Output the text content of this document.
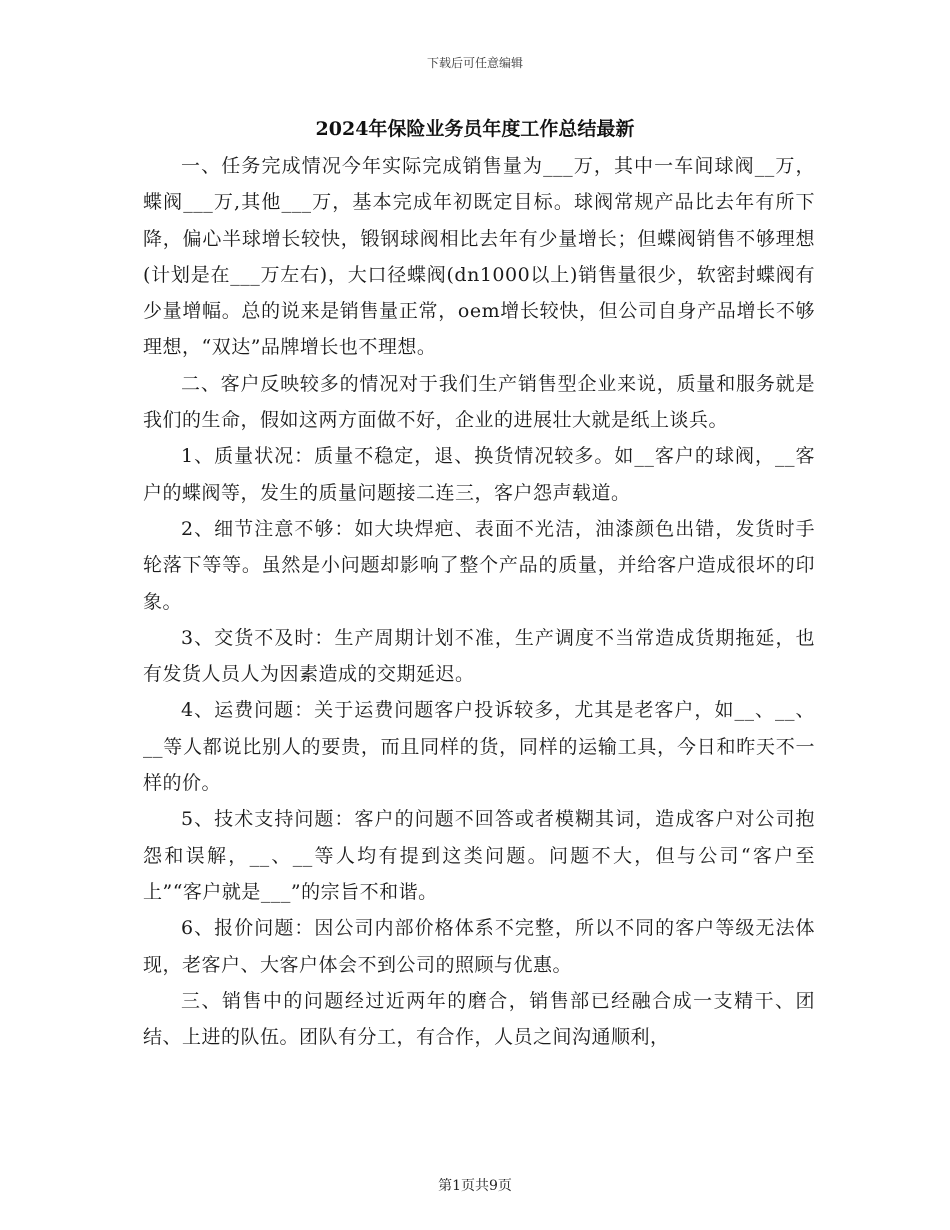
下载后可任意编辑
2024年保险业务员年度工作总结最新

一、任务完成情况今年实际完成销售量为___万，其中一车间球阀__万，蝶阀___万,其他___万，基本完成年初既定目标。球阀常规产品比去年有所下降，偏心半球增长较快，锻钢球阀相比去年有少量增长；但蝶阀销售不够理想(计划是在___万左右)，大口径蝶阀(dn1000以上)销售量很少，软密封蝶阀有少量增幅。总的说来是销售量正常，oem增长较快，但公司自身产品增长不够理想，“双达”品牌增长也不理想。

二、客户反映较多的情况对于我们生产销售型企业来说，质量和服务就是我们的生命，假如这两方面做不好，企业的进展壮大就是纸上谈兵。

1、质量状况：质量不稳定，退、换货情况较多。如__客户的球阀，__客户的蝶阀等，发生的质量问题接二连三，客户怨声载道。

2、细节注意不够：如大块焊疤、表面不光洁，油漆颜色出错，发货时手轮落下等等。虽然是小问题却影响了整个产品的质量，并给客户造成很坏的印象。

3、交货不及时：生产周期计划不准，生产调度不当常造成货期拖延，也有发货人员人为因素造成的交期延迟。

4、运费问题：关于运费问题客户投诉较多，尤其是老客户，如__、__、__等人都说比别人的要贵，而且同样的货，同样的运输工具，今日和昨天不一样的价。

5、技术支持问题：客户的问题不回答或者模糊其词，造成客户对公司抱怨和误解，__、__等人均有提到这类问题。问题不大，但与公司“客户至上”“客户就是___”的宗旨不和谐。

6、报价问题：因公司内部价格体系不完整，所以不同的客户等级无法体现，老客户、大客户体会不到公司的照顾与优惠。

三、销售中的问题经过近两年的磨合，销售部已经融合成一支精干、团结、上进的队伍。团队有分工，有合作，人员之间沟通顺利，

第1页共9页
